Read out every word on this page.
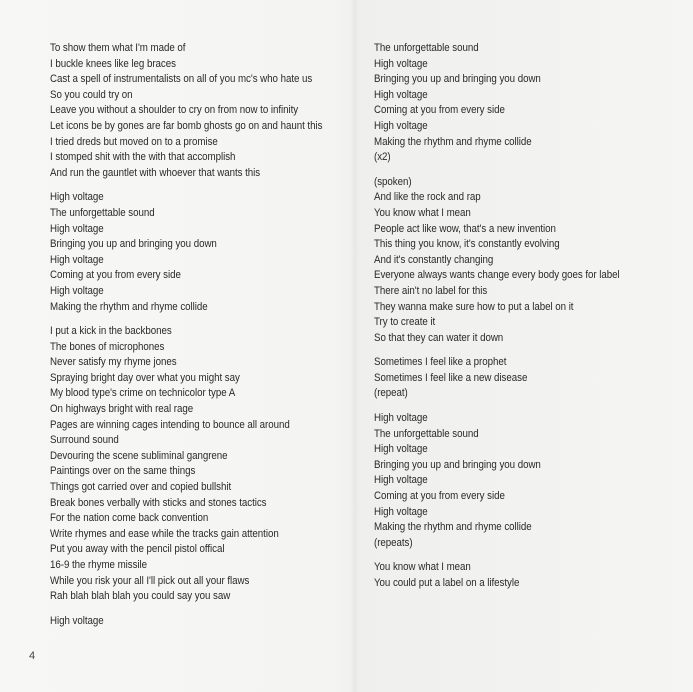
To show them what I'm made of
I buckle knees like leg braces
Cast a spell of instrumentalists on all of you mc's who hate us
So you could try on
Leave you without a shoulder to cry on from now to infinity
Let icons be by gones are far bomb ghosts go on and haunt this
I tried dreds but moved on to a promise
I stomped shit with the with that accomplish
And run the gauntlet with whoever that wants this
High voltage
The unforgettable sound
High voltage
Bringing you up and bringing you down
High voltage
Coming at you from every side
High voltage
Making the rhythm and rhyme collide
I put a kick in the backbones
The bones of microphones
Never satisfy my rhyme jones
Spraying bright day over what you might say
My blood type's crime on technicolor type A
On highways bright with real rage
Pages are winning cages intending to bounce all around
Surround sound
Devouring the scene subliminal gangrene
Paintings over on the same things
Things got carried over and copied bullshit
Break bones verbally with sticks and stones tactics
For the nation come back convention
Write rhymes and ease while the tracks gain attention
Put you away with the pencil pistol offical
16-9 the rhyme missile
While you risk your all I'll pick out all your flaws
Rah blah blah blah you could say you saw
High voltage
The unforgettable sound
High voltage
Bringing you up and bringing you down
High voltage
Coming at you from every side
High voltage
Making the rhythm and rhyme collide
(x2)
(spoken)
And like the rock and rap
You know what I mean
People act like wow, that's a new invention
This thing you know, it's constantly evolving
And it's constantly changing
Everyone always wants change every body goes for label
There ain't no label for this
They wanna make sure how to put a label on it
Try to create it
So that they can water it down
Sometimes I feel like a prophet
Sometimes I feel like a new disease
(repeat)
High voltage
The unforgettable sound
High voltage
Bringing you up and bringing you down
High voltage
Coming at you from every side
High voltage
Making the rhythm and rhyme collide
(repeats)
You know what I mean
You could put a label on a lifestyle
4
